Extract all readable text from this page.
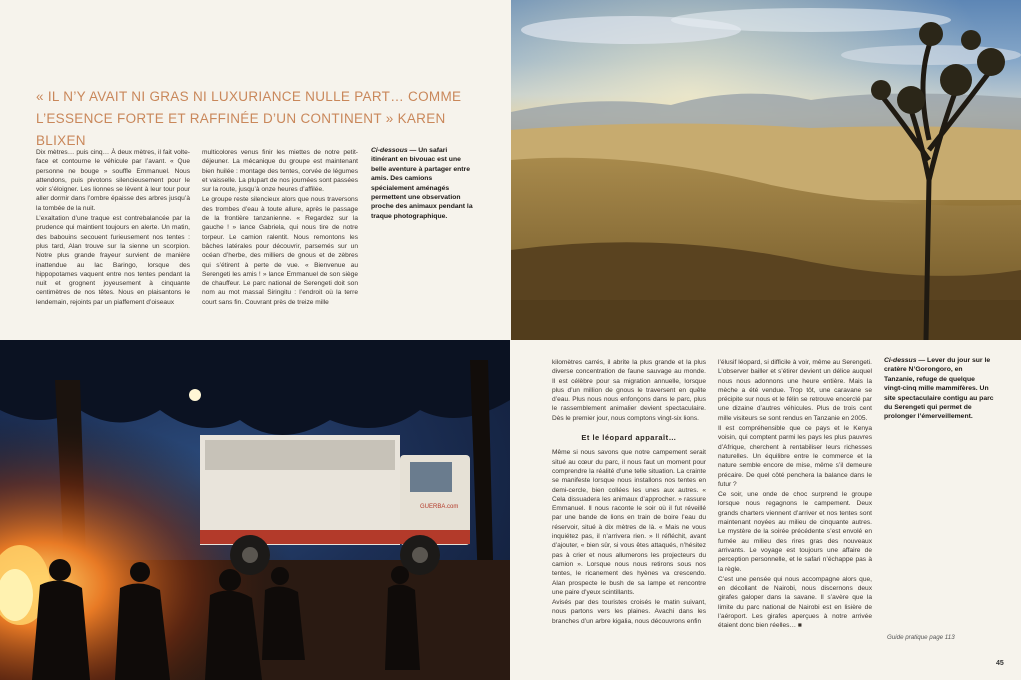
« IL N’Y AVAIT NI GRAS NI LUXURIANCE NULLE PART… COMME L’ESSENCE FORTE ET RAFFINÉE D’UN CONTINENT » KAREN BLIXEN

Dix mètres… puis cinq… À deux mètres, il fait volte-face et contourne le véhicule par l’avant. « Que personne ne bouge » souffle Emmanuel. Nous attendons, puis pivotons silencieusement pour le voir s’éloigner. Les lionnes se lèvent à leur tour pour aller dormir dans l’ombre épaisse des arbres jusqu’à la tombée de la nuit.

L’exaltation d’une traque est contrebalancée par la prudence qui maintient toujours en alerte. Un matin, des babouins secouent furieusement nos tentes : plus tard, Alan trouve sur la sienne un scorpion. Notre plus grande frayeur survient de manière inattendue au lac Baringo, lorsque des hippopotames vaquent entre nos tentes pendant la nuit et grognent joyeusement à cinquante centimètres de nos têtes. Nous en plaisantons le lendemain, rejoints par un piaffement d’oiseaux

multicolores venus finir les miettes de notre petit-déjeuner. La mécanique du groupe est maintenant bien huilée : montage des tentes, corvée de légumes et vaisselle. La plupart de nos journées sont passées sur la route, jusqu’à onze heures d’affilée.

Le groupe reste silencieux alors que nous traversons des trombes d’eau à toute allure, après le passage de la frontière tanzanienne. « Regardez sur la gauche ! » lance Gabriela, qui nous tire de notre torpeur. Le camion ralentit. Nous remontons les bâches latérales pour découvrir, parsemés sur un océan d’herbe, des milliers de gnous et de zèbres qui s’étirent à perte de vue. « Bienvenue au Serengeti les amis ! » lance Emmanuel de son siège de chauffeur. Le parc national de Serengeti doit son nom au mot massaï Siringitu : l’endroit où la terre court sans fin. Couvrant près de treize mille

Ci-dessous — Un safari itinérant en bivouac est une belle aventure à partager entre amis. Des camions spécialement aménagés permettent une observation proche des animaux pendant la traque photographique.
GUERBA.com

kilomètres carrés, il abrite la plus grande et la plus diverse concentration de faune sauvage au monde. Il est célèbre pour sa migration annuelle, lorsque plus d’un million de gnous le traversent en quête d’eau. Plus nous nous enfonçons dans le parc, plus le rassemblement animalier devient spectaculaire. Dès le premier jour, nous comptons vingt-six lions.

Et le léopard apparaît…

Même si nous savons que notre campement serait situé au cœur du parc, il nous faut un moment pour comprendre la réalité d’une telle situation. La crainte se manifeste lorsque nous installons nos tentes en demi-cercle, bien collées les unes aux autres. « Cela dissuadera les animaux d’approcher. » rassure Emmanuel. Il nous raconte le soir où il fut réveillé par une bande de lions en train de boire l’eau du réservoir, situé à dix mètres de là. « Mais ne vous inquiétez pas, il n’arrivera rien. » Il réfléchit, avant d’ajouter, « bien sûr, si vous êtes attaqués, n’hésitez pas à crier et nous allumerons les projecteurs du camion ». Lorsque nous nous retirons sous nos tentes, le ricanement des hyènes va crescendo. Alan prospecte le bush de sa lampe et rencontre une paire d’yeux scintillants.

Avisés par des touristes croisés le matin suivant, nous partons vers les plaines. Avachi dans les branches d’un arbre kigalia, nous découvrons enfin

l’élusif léopard, si difficile à voir, même au Serengeti. L’observer bailler et s’étirer devient un délice auquel nous nous adonnons une heure entière. Mais la mèche a été vendue. Trop tôt, une caravane se précipite sur nous et le félin se retrouve encerclé par une dizaine d’autres véhicules. Plus de trois cent mille visiteurs se sont rendus en Tanzanie en 2005.

Il est compréhensible que ce pays et le Kenya voisin, qui comptent parmi les pays les plus pauvres d’Afrique, cherchent à rentabiliser leurs richesses naturelles. Un équilibre entre le commerce et la nature semble encore de mise, même s’il demeure précaire. De quel côté penchera la balance dans le futur ?

Ce soir, une onde de choc surprend le groupe lorsque nous regagnons le campement. Deux grands charters viennent d’arriver et nos tentes sont maintenant noyées au milieu de cinquante autres. Le mystère de la soirée précédente s’est envolé en fumée au milieu des rires gras des nouveaux arrivants. Le voyage est toujours une affaire de perception personnelle, et le safari n’échappe pas à la règle.

C’est une pensée qui nous accompagne alors que, en décollant de Nairobi, nous discernons deux girafes galoper dans la savane. Il s’avère que la limite du parc national de Nairobi est en lisière de l’aéroport. Les girafes aperçues à notre arrivée étaient donc bien réelles… ■

Ci-dessus — Lever du jour sur le cratère N’Gorongoro, en Tanzanie, refuge de quelque vingt-cinq mille mammifères. Un site spectaculaire contigu au parc du Serengeti qui permet de prolonger l’émerveillement.
Guide pratique page 113
45
